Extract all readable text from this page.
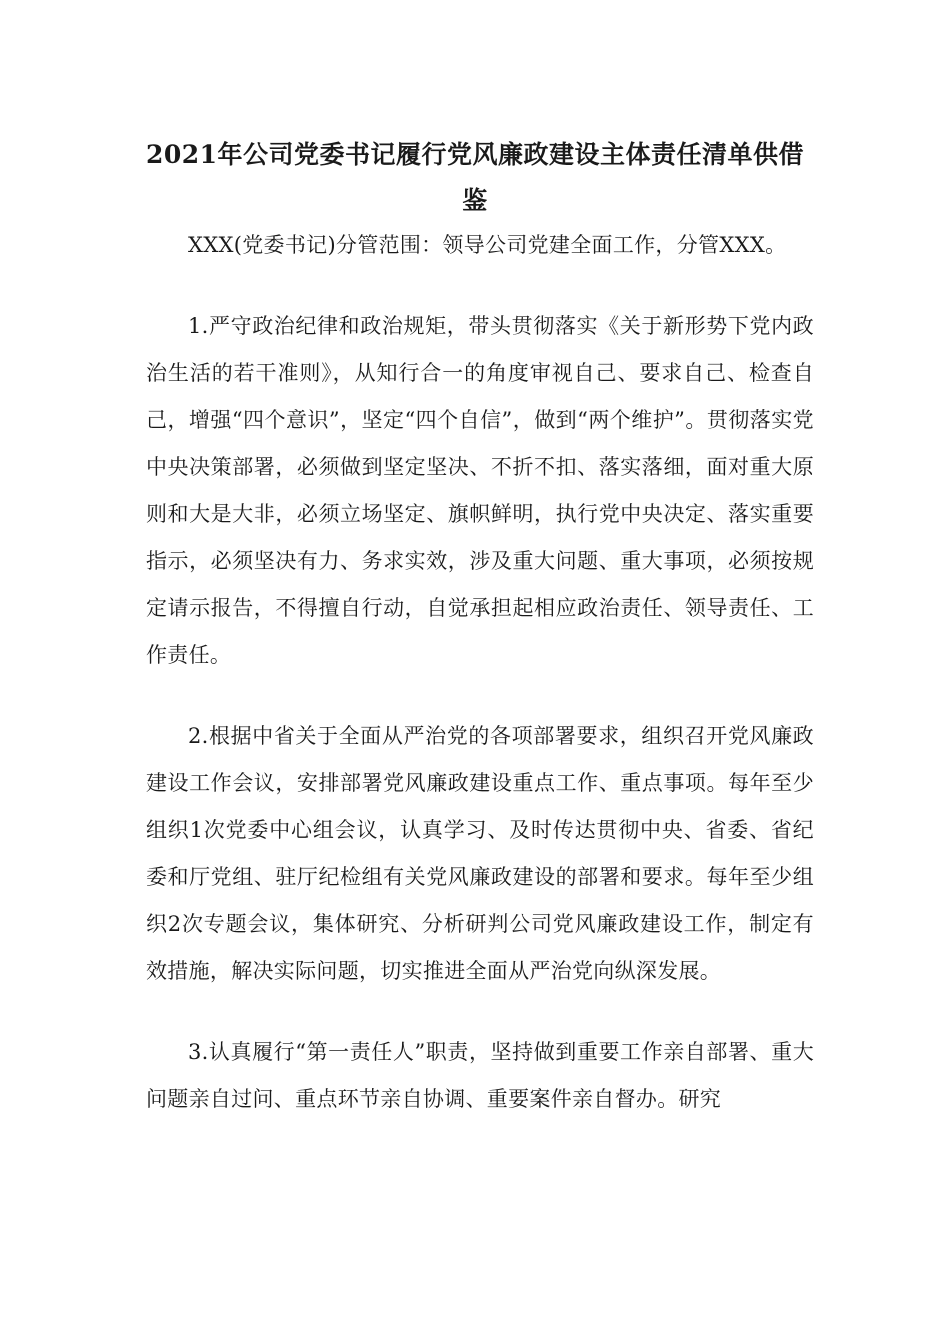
2021年公司党委书记履行党风廉政建设主体责任清单供借鉴

XXX(党委书记)分管范围：领导公司党建全面工作，分管XXX。

1.严守政治纪律和政治规矩，带头贯彻落实《关于新形势下党内政治生活的若干准则》，从知行合一的角度审视自己、要求自己、检查自己，增强“四个意识”，坚定“四个自信”，做到“两个维护”。贯彻落实党中央决策部署，必须做到坚定坚决、不折不扣、落实落细，面对重大原则和大是大非，必须立场坚定、旗帜鲜明，执行党中央决定、落实重要指示，必须坚决有力、务求实效，涉及重大问题、重大事项，必须按规定请示报告，不得擅自行动，自觉承担起相应政治责任、领导责任、工作责任。

2.根据中省关于全面从严治党的各项部署要求，组织召开党风廉政建设工作会议，安排部署党风廉政建设重点工作、重点事项。每年至少组织1次党委中心组会议，认真学习、及时传达贯彻中央、省委、省纪委和厅党组、驻厅纪检组有关党风廉政建设的部署和要求。每年至少组织2次专题会议，集体研究、分析研判公司党风廉政建设工作，制定有效措施，解决实际问题，切实推进全面从严治党向纵深发展。

3.认真履行“第一责任人”职责，坚持做到重要工作亲自部署、重大问题亲自过问、重点环节亲自协调、重要案件亲自督办。研究
